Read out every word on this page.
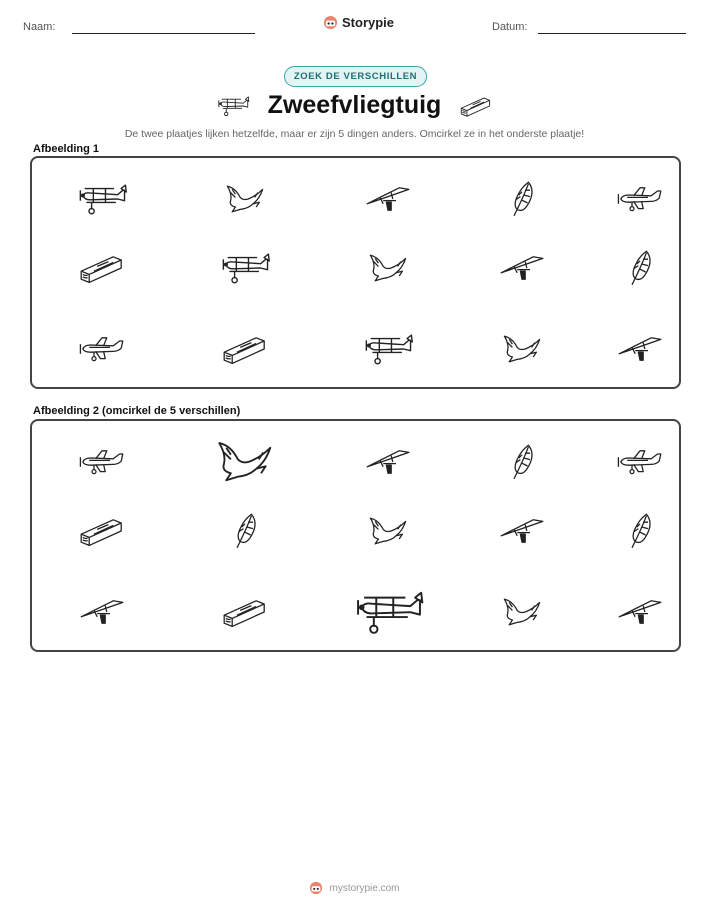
Naam:	Storypie	Datum:
ZOEK DE VERSCHILLEN
Zweefvliegtuig
De twee plaatjes lijken hetzelfde, maar er zijn 5 dingen anders. Omcirkel ze in het onderste plaatje!
Afbeelding 1
Afbeelding 2 (omcirkel de 5 verschillen)
mystorypie.com
